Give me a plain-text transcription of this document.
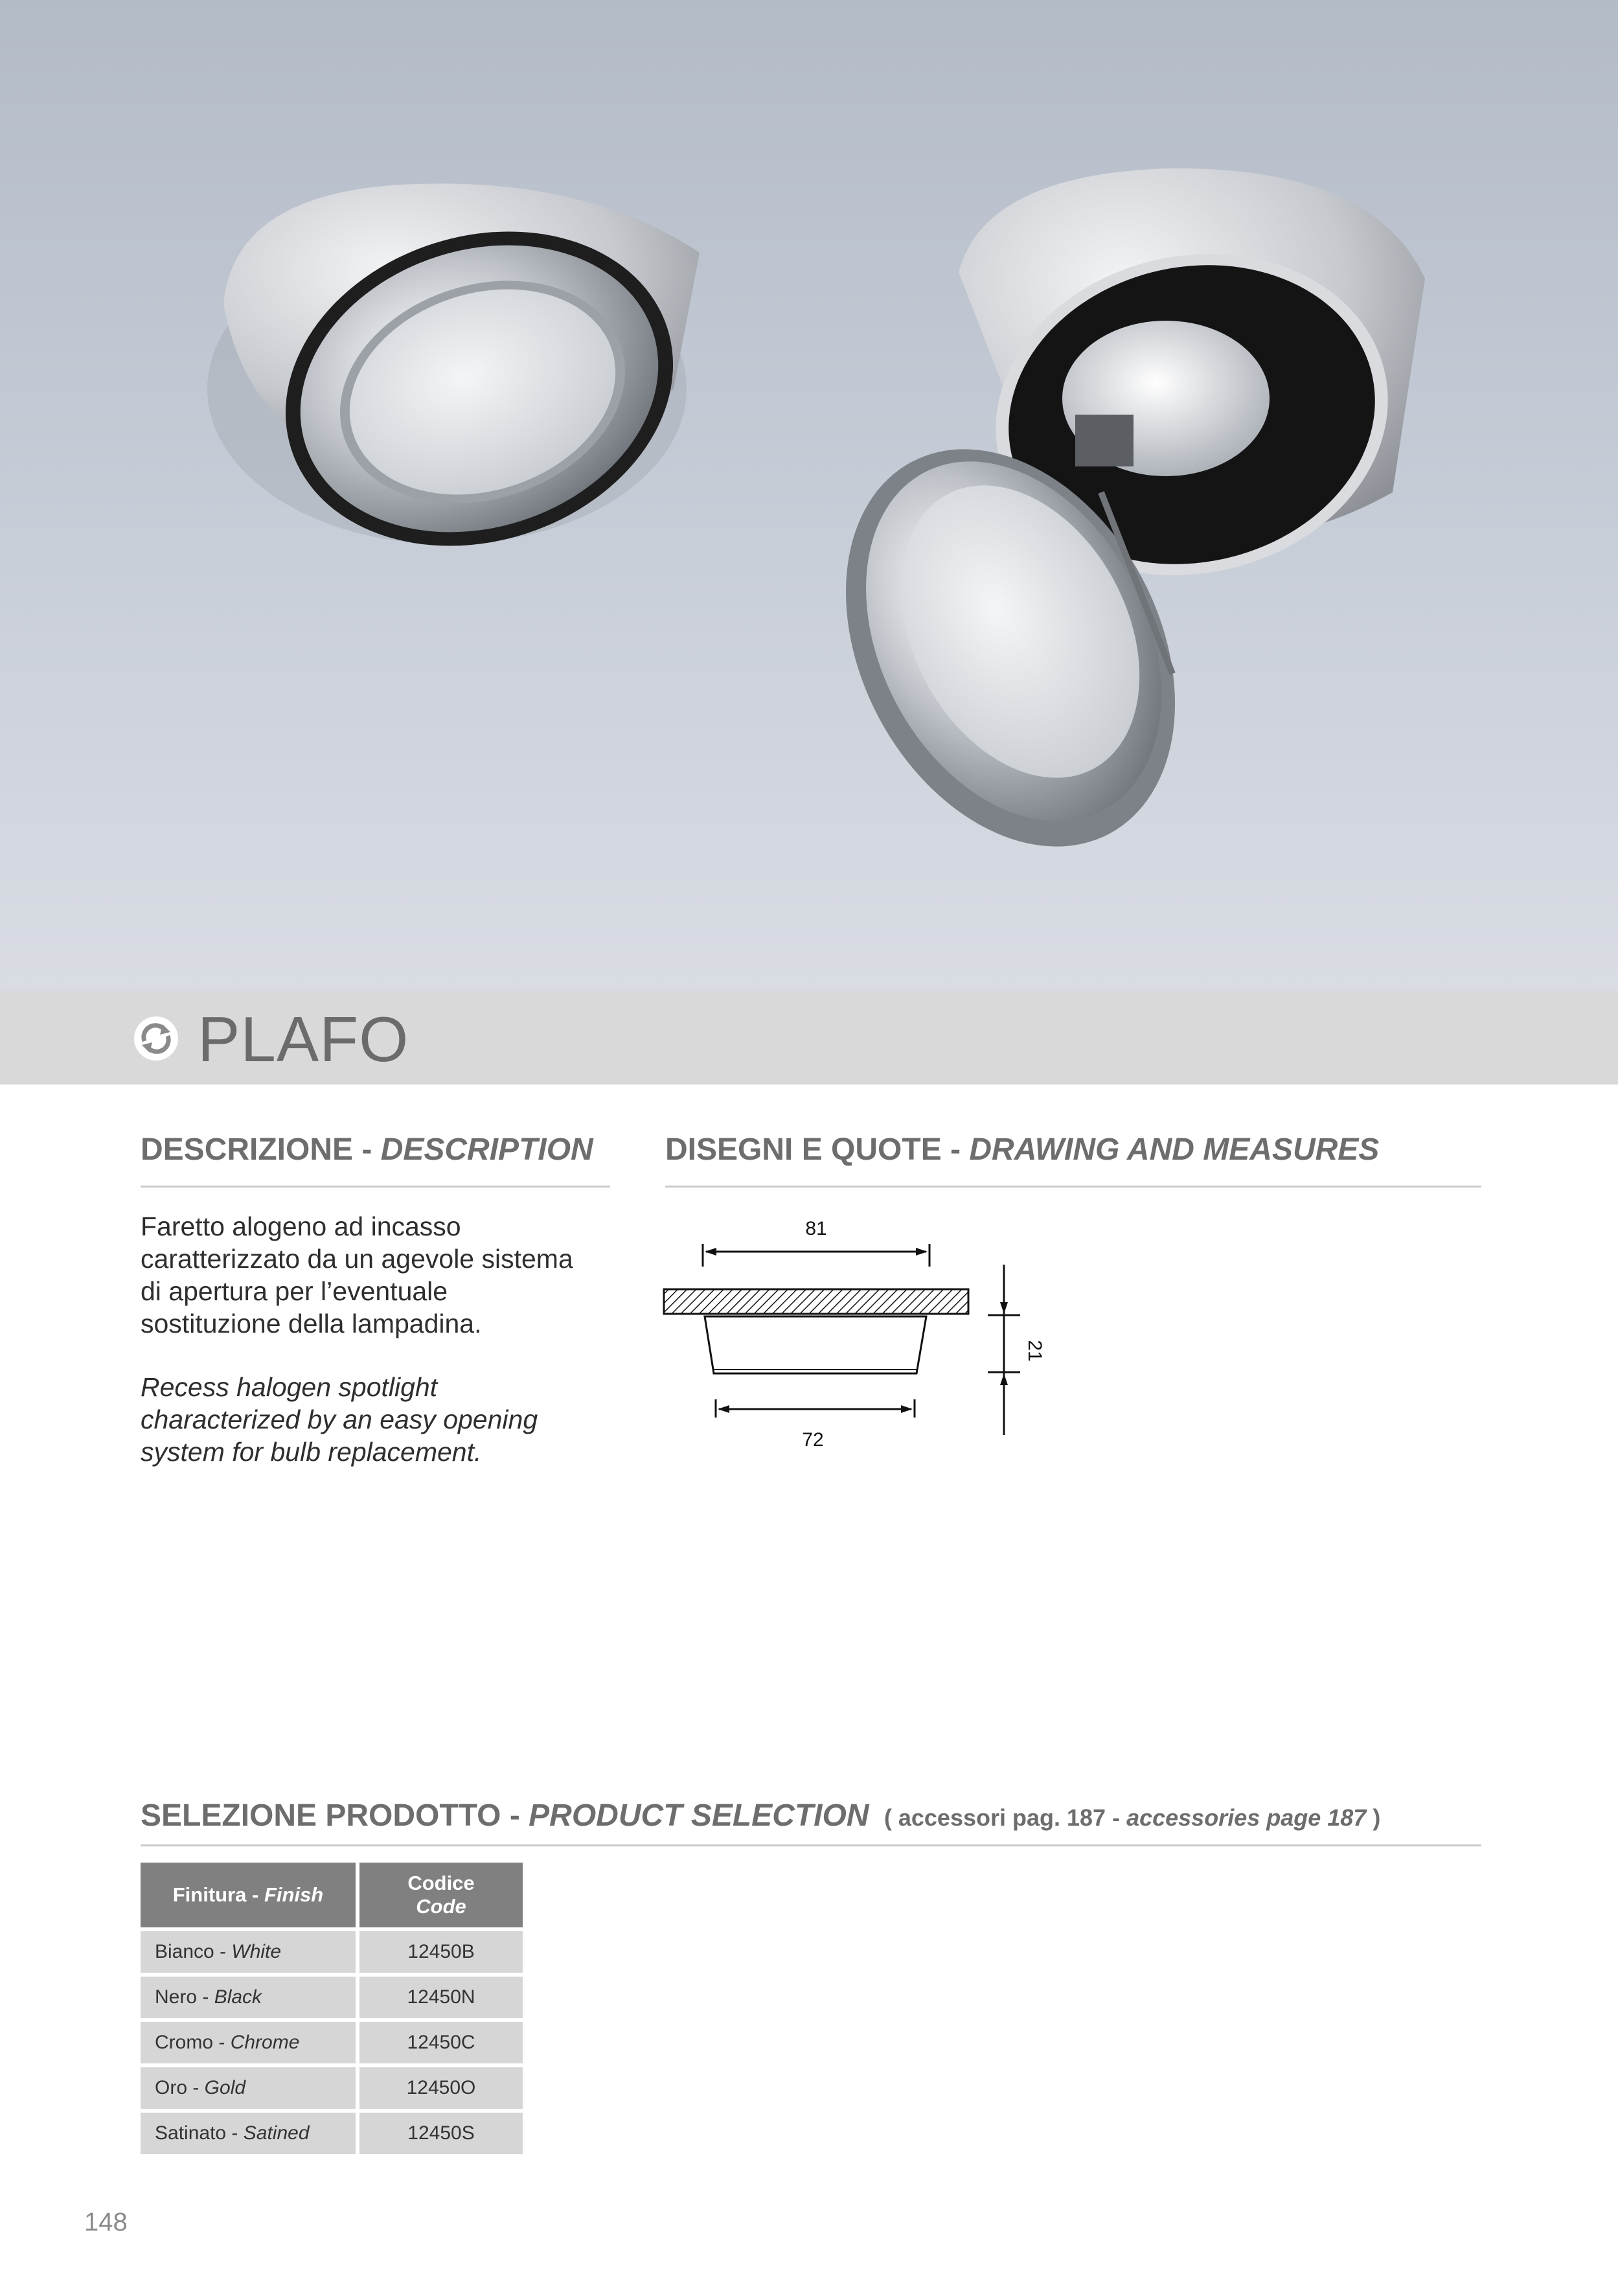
PLAFO
DESCRIZIONE - DESCRIPTION

Faretto alogeno ad incasso caratterizzato da un agevole sistema di apertura per l’eventuale sostituzione della lampadina.

Recess halogen spotlight characterized by an easy opening system for bulb replacement.

DISEGNI E QUOTE - DRAWING AND MEASURES
81
72
21
SELEZIONE PRODOTTO - PRODUCT SELECTION ( accessori pag. 187 - accessories page 187 )
Finitura - Finish	Codice
Code

Bianco - White	12450B
Nero - Black	12450N
Cromo - Chrome	12450C
Oro - Gold	12450O
Satinato - Satined	12450S
148
